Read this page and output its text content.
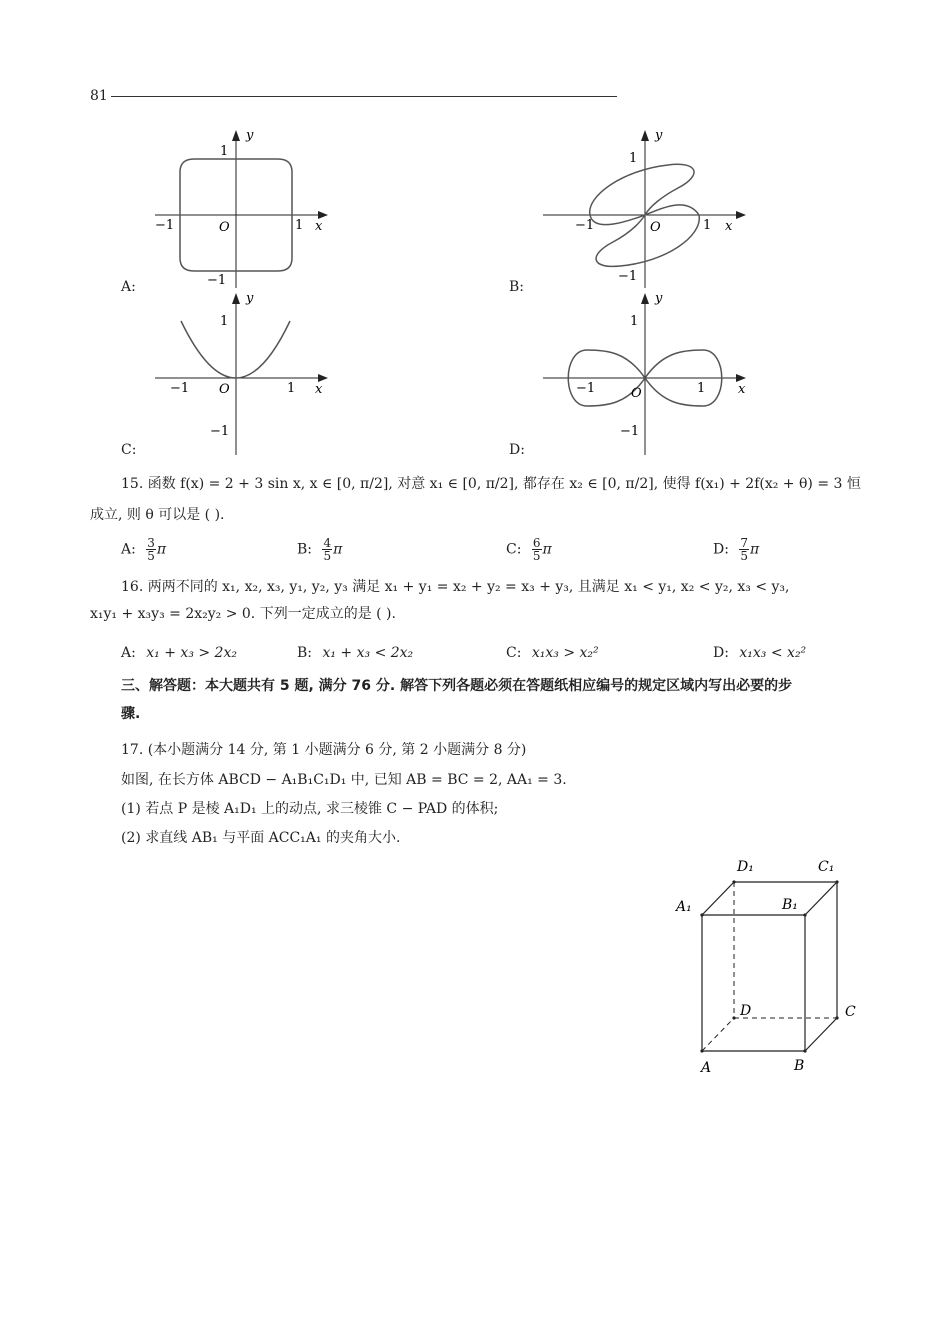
81
y
1
x
−1	O	1
−1
A:
y
1
x
−1	O	1
−1
B:
y
1
x
−1 O	1
−1
C:
y
1
x
−1	O	1
−1
D:
15. 函数 f(x) = 2 + 3 sin x, x ∈ [0, π/2], 对意 x₁ ∈ [0, π/2], 都存在 x₂ ∈ [0, π/2], 使得 f(x₁) + 2f(x₂ + θ) = 3 恒
成立, 则 θ 可以是 ( ).
A: $\frac{3}{5}$ π	B: $\frac{4}{5}$ π	C: $\frac{6}{5}$ π	D: $\frac{7}{5}$ π
16. 两两不同的 x₁, x₂, x₃, y₁, y₂, y₃ 满足 x₁ + y₁ = x₂ + y₂ = x₃ + y₃, 且满足 x₁ < y₁, x₂ < y₂, x₃ < y₃,
x₁y₁ + x₃y₃ = 2x₂y₂ > 0. 下列一定成立的是 ( ).
A: x₁ + x₃ > 2x₂	B: x₁ + x₃ < 2x₂	C: x₁x₃ > x₂²	D: x₁x₃ < x₂²
三、解答题：本大题共有 5 题, 满分 76 分. 解答下列各题必须在答题纸相应编号的规定区域内写出必要的步
骤.
17. (本小题满分 14 分, 第 1 小题满分 6 分, 第 2 小题满分 8 分)
如图, 在长方体 ABCD − A₁B₁C₁D₁ 中, 已知 AB = BC = 2, AA₁ = 3.
(1) 若点 P 是棱 A₁D₁ 上的动点, 求三棱锥 C − PAD 的体积;
(2) 求直线 AB₁ 与平面 ACC₁A₁ 的夹角大小.
D₁	C₁
A₁	B₁
D	C
A	B
